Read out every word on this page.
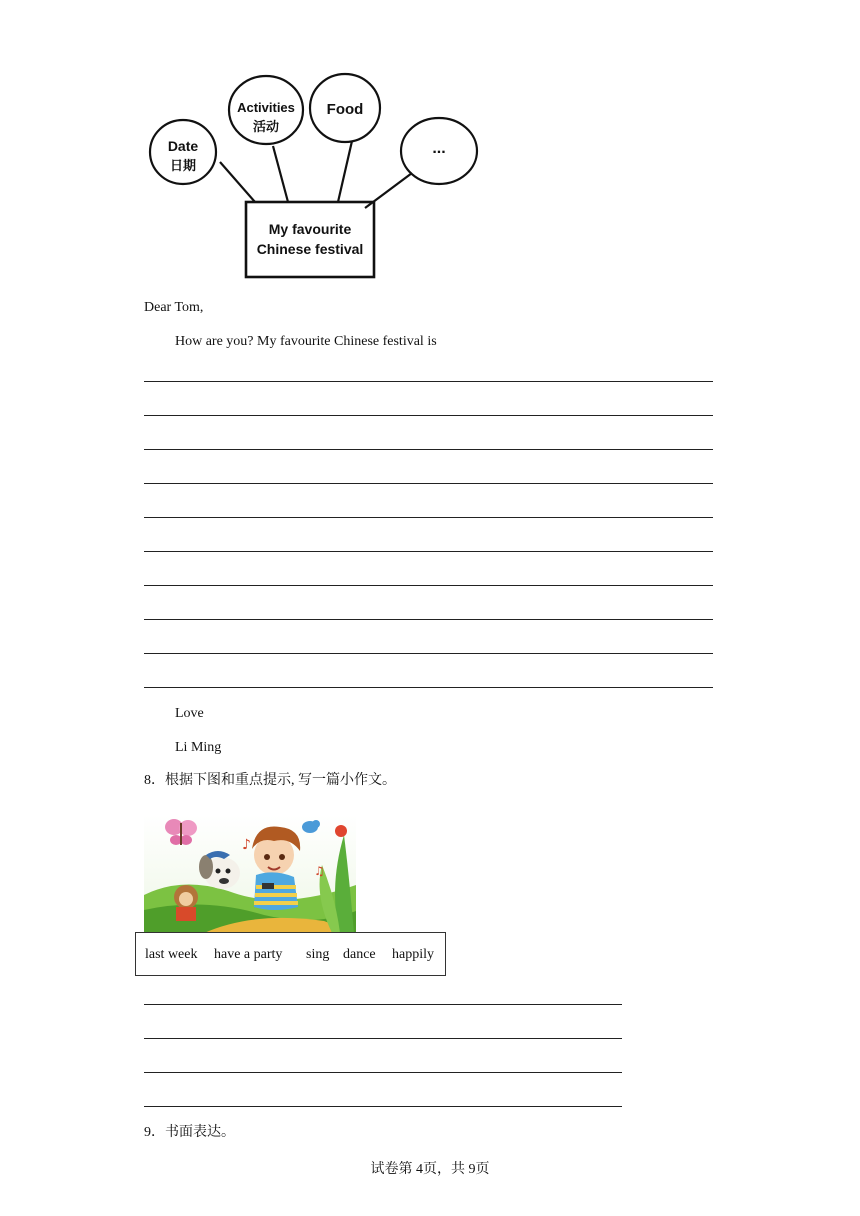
Date
日期
Activities
活动
Food
...
My favourite
Chinese festival
Dear Tom,
How are you? My favourite Chinese festival is
Love
Li Ming
8．根据下图和重点提示, 写一篇小作文。
♪
♫
last week have a party sing dance happily
9．书面表达。
试卷第 4页，共 9页
